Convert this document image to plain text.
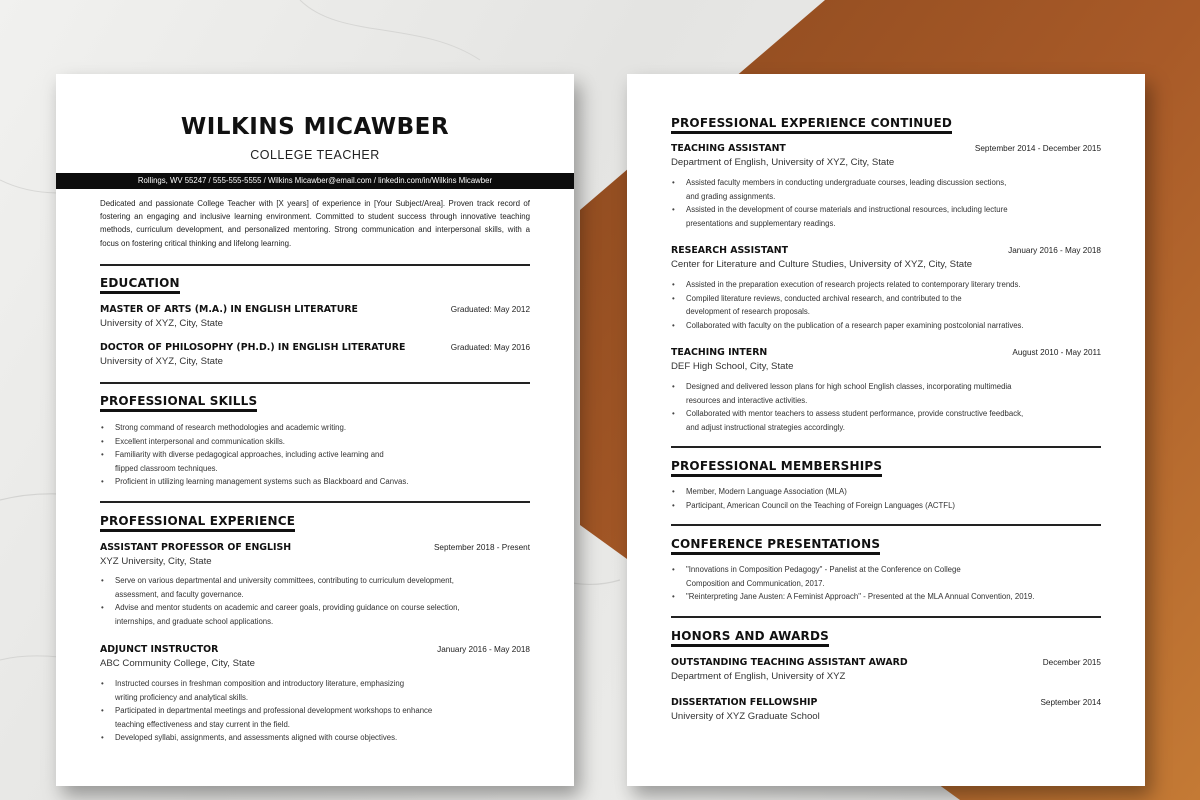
WILKINS MICAWBER
COLLEGE TEACHER
Rollings, WV 55247 / 555-555-5555 / Wilkins Micawber@email.com / linkedin.com/in/Wilkins Micawber
Dedicated and passionate College Teacher with [X years] of experience in [Your Subject/Area]. Proven track record of fostering an engaging and inclusive learning environment. Committed to student success through innovative teaching methods, curriculum development, and personalized mentoring. Strong communication and interpersonal skills, with a focus on fostering critical thinking and lifelong learning.
EDUCATION
MASTER OF ARTS (M.A.) IN ENGLISH LITERATURE	Graduated: May 2012
University of XYZ, City, State
DOCTOR OF PHILOSOPHY (PH.D.) IN ENGLISH LITERATURE	Graduated: May 2016
University of XYZ, City, State
PROFESSIONAL SKILLS
• Strong command of research methodologies and academic writing.
• Excellent interpersonal and communication skills.
• Familiarity with diverse pedagogical approaches, including active learning and
flipped classroom techniques.
• Proficient in utilizing learning management systems such as Blackboard and Canvas.
PROFESSIONAL EXPERIENCE
ASSISTANT PROFESSOR OF ENGLISH	September 2018 - Present
XYZ University, City, State
• Serve on various departmental and university committees, contributing to curriculum development,
assessment, and faculty governance.
• Advise and mentor students on academic and career goals, providing guidance on course selection,
internships, and graduate school applications.
ADJUNCT INSTRUCTOR	January 2016 - May 2018
ABC Community College, City, State
• Instructed courses in freshman composition and introductory literature, emphasizing
writing proficiency and analytical skills.
• Participated in departmental meetings and professional development workshops to enhance
teaching effectiveness and stay current in the field.
• Developed syllabi, assignments, and assessments aligned with course objectives.
PROFESSIONAL EXPERIENCE CONTINUED
TEACHING ASSISTANT	September 2014 - December 2015
Department of English, University of XYZ, City, State
• Assisted faculty members in conducting undergraduate courses, leading discussion sections,
and grading assignments.
• Assisted in the development of course materials and instructional resources, including lecture
presentations and supplementary readings.
RESEARCH ASSISTANT	January 2016 - May 2018
Center for Literature and Culture Studies, University of XYZ, City, State
• Assisted in the preparation execution of research projects related to contemporary literary trends.
• Compiled literature reviews, conducted archival research, and contributed to the
development of research proposals.
• Collaborated with faculty on the publication of a research paper examining postcolonial narratives.
TEACHING INTERN	August 2010 - May 2011
DEF High School, City, State
• Designed and delivered lesson plans for high school English classes, incorporating multimedia
resources and interactive activities.
• Collaborated with mentor teachers to assess student performance, provide constructive feedback,
and adjust instructional strategies accordingly.
PROFESSIONAL MEMBERSHIPS
• Member, Modern Language Association (MLA)
• Participant, American Council on the Teaching of Foreign Languages (ACTFL)
CONFERENCE PRESENTATIONS
• "Innovations in Composition Pedagogy" - Panelist at the Conference on College
Composition and Communication, 2017.
• "Reinterpreting Jane Austen: A Feminist Approach" - Presented at the MLA Annual Convention, 2019.
HONORS AND AWARDS
OUTSTANDING TEACHING ASSISTANT AWARD	December 2015
Department of English, University of XYZ
DISSERTATION FELLOWSHIP	September 2014
University of XYZ Graduate School
